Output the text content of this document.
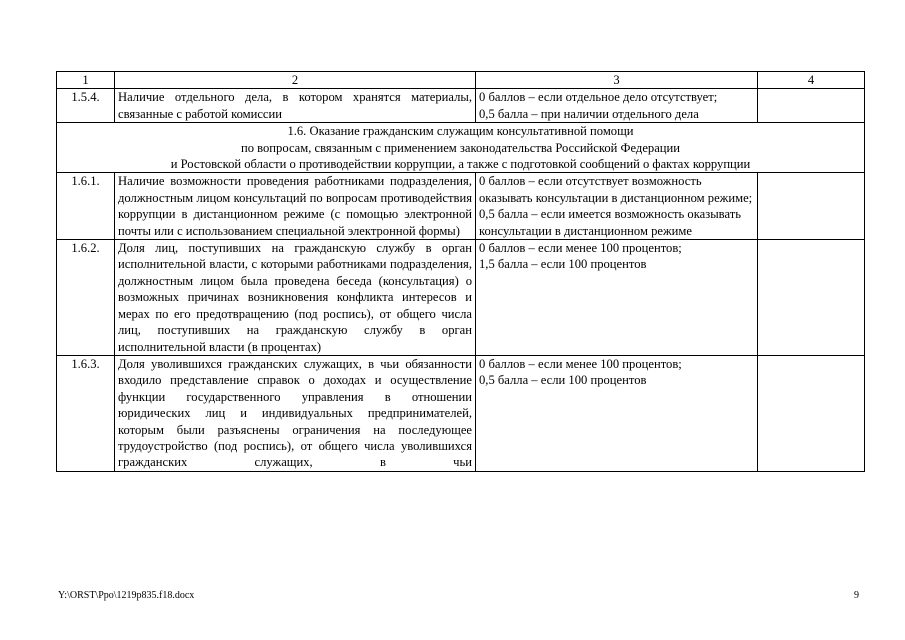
1	2	3	4
1.5.4.	Наличие отдельного дела, в котором хранятся материалы, связанные с работой комиссии	0 баллов – если отдельное дело отсутствует;
0,5 балла – при наличии отдельного дела	

1.6. Оказание гражданским служащим консультативной помощи
по вопросам, связанным с применением законодательства Российской Федерации
и Ростовской области о противодействии коррупции, а также с подготовкой сообщений о фактах коррупции			

1.6.1.	Наличие возможности проведения работниками подразделения, должностным лицом консультаций по вопросам противодействия коррупции в дистанционном режиме (с помощью электронной почты или с использованием специальной электронной формы)	0 баллов – если отсутствует возможность оказывать консультации в дистанционном режиме;
0,5 балла – если имеется возможность оказывать консультации в дистанционном режиме	

1.6.2.	Доля лиц, поступивших на гражданскую службу в орган исполнительной власти, с которыми работниками подразделения, должностным лицом была проведена беседа (консультация) о возможных причинах возникновения конфликта интересов и мерах по его предотвращению (под роспись), от общего числа лиц, поступивших на гражданскую службу в орган исполнительной власти (в процентах)	0 баллов – если менее 100 процентов;
1,5 балла – если 100 процентов	

1.6.3.	Доля уволившихся гражданских служащих, в чьи обязанности входило представление справок о доходах и осуществление функции государственного управления в отношении юридических лиц и индивидуальных предпринимателей, которым были разъяснены ограничения на последующее трудоустройство (под роспись), от общего числа уволившихся гражданских служащих, в чьи	0 баллов – если менее 100 процентов;
0,5 балла – если 100 процентов	

Y:\ORST\Ppo\1219p835.f18.docx	9
